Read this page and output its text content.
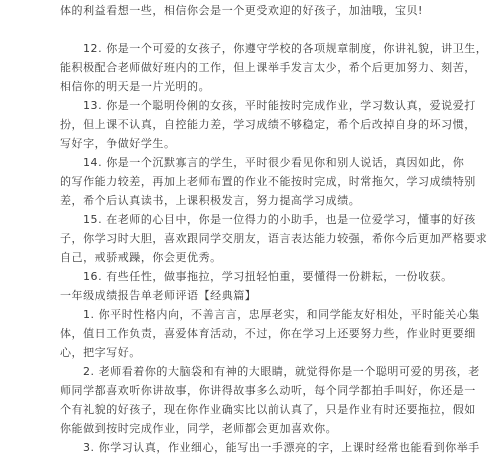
体的利益看想一些，相信你会是一个更受欢迎的好孩子，加油哦，宝贝!
12. 你是一个可爱的女孩子，你遵守学校的各项规章制度，你讲礼貌，讲卫生，
能积极配合老师做好班内的工作，但上课举手发言太少，希个后更加努力、刻苦，
相信你的明天是一片光明的。
13. 你是一个聪明伶俐的女孩，平时能按时完成作业，学习数认真，爱说爱打
扮，但上课不认真，自控能力差，学习成绩不够稳定，希个后改掉自身的坏习惯，
写好字，争做好学生。
14. 你是一个沉默寡言的学生，平时很少看见你和别人说话，真因如此，你
的写作能力较差，再加上老师布置的作业不能按时完成，时常拖欠，学习成绩特别
差，希个后认真读书，上课积极发言，努力提高学习成绩。
15. 在老师的心目中，你是一位得力的小助手，也是一位爱学习，懂事的好孩
子，你学习时大胆，喜欢跟同学交朋友，语言表达能力较强，希你今后更加严格要求
自己，戒骄戒躁，你会更优秀。
16. 有些任性，做事拖拉，学习扭轻怕重，要懂得一份耕耘，一份收获。
一年级成绩报告单老师评语【经典篇】
1. 你平时性格内向，不善言言，忠厚老实，和同学能友好相处，平时能关心集
体，值日工作负责，喜爱体育活动，不过，你在学习上还要努力些，作业时更要细
心，把字写好。
2. 老师看着你的大脑袋和有神的大眼睛，就觉得你是一个聪明可爱的男孩，老
师同学都喜欢听你讲故事，你讲得故事多么动听，每个同学都拍手叫好，你还是一
个有礼貌的好孩子，现在你作业确实比以前认真了，只是作业有时还要拖拉，假如
你能做到按时完成作业，同学，老师都会更加喜欢你。
3. 你学习认真，作业细心，能写出一手漂亮的字，上课时经常也能看到你举手
